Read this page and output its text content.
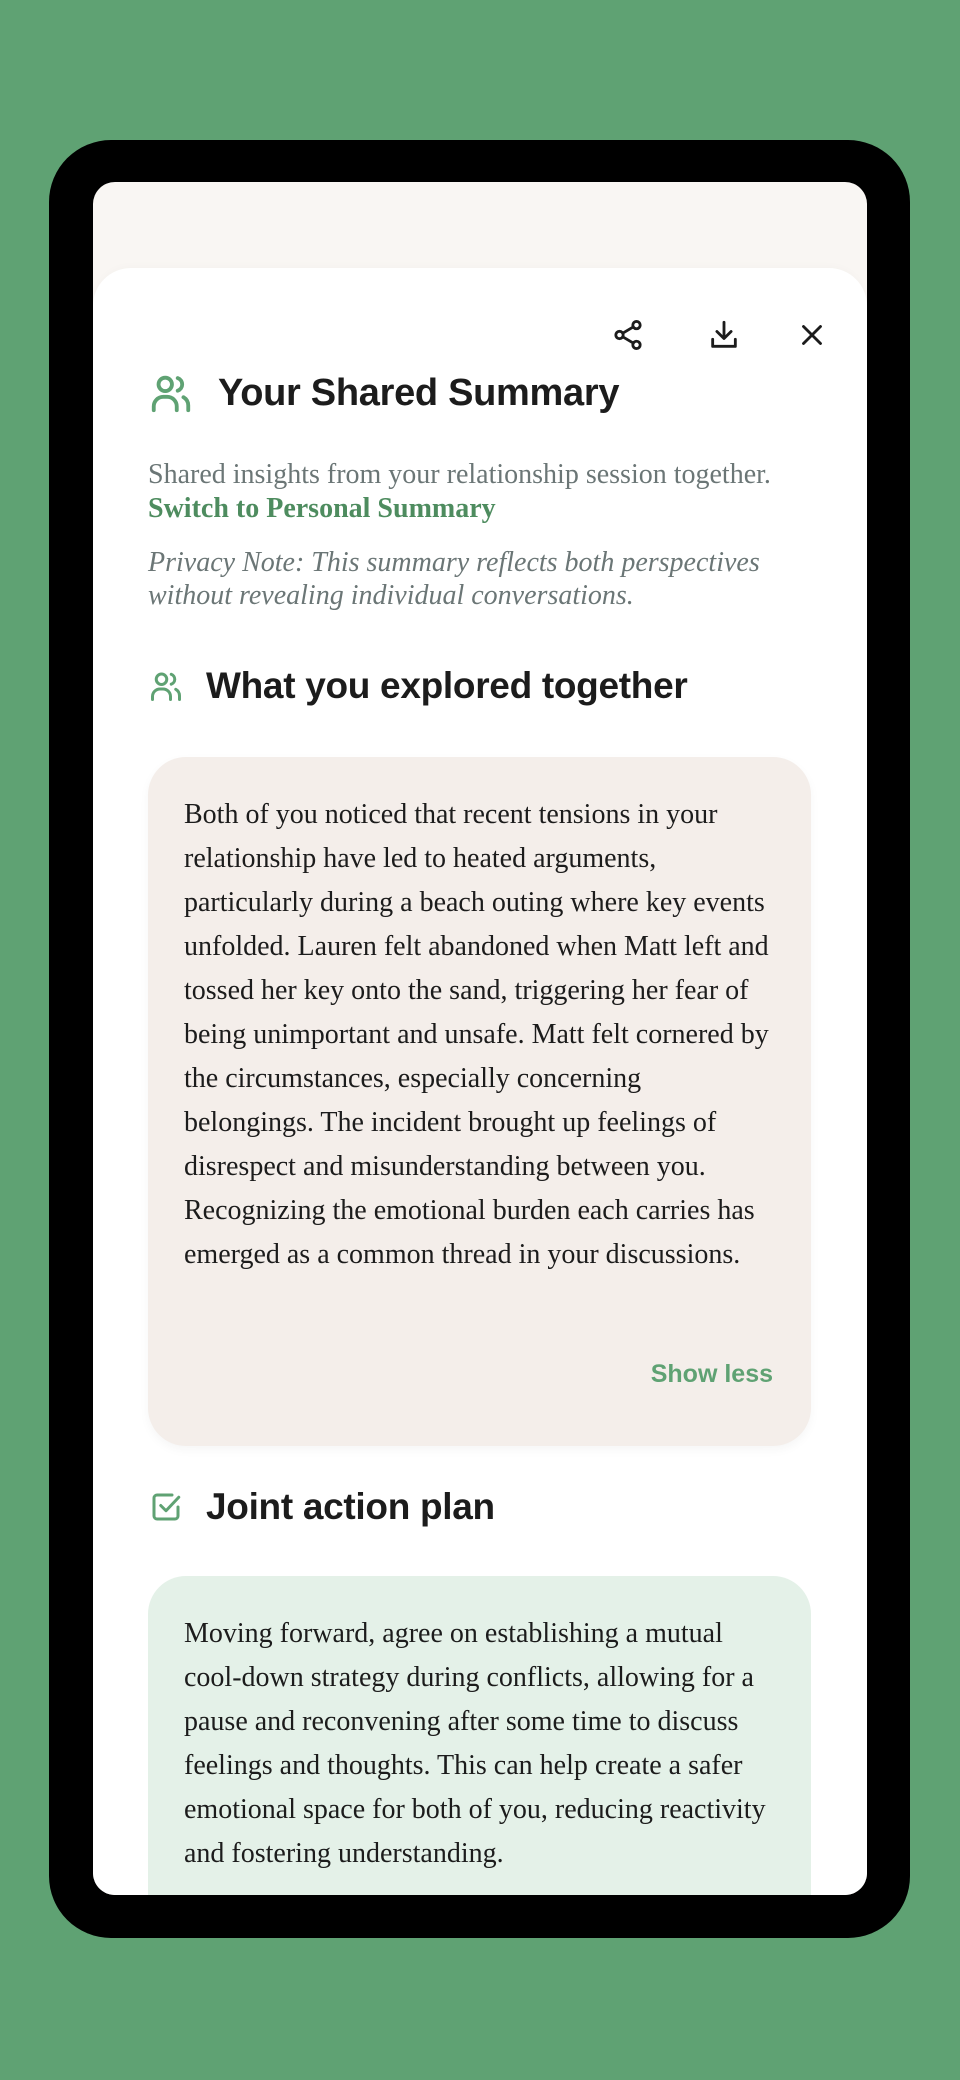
Your Shared Summary
Shared insights from your relationship session together.
Switch to Personal Summary

Privacy Note: This summary reflects both perspectives without revealing individual conversations.

What you explored together

Both of you noticed that recent tensions in your relationship have led to heated arguments, particularly during a beach outing where key events unfolded. Lauren felt abandoned when Matt left and tossed her key onto the sand, triggering her fear of being unimportant and unsafe. Matt felt cornered by the circumstances, especially concerning belongings. The incident brought up feelings of disrespect and misunderstanding between you. Recognizing the emotional burden each carries has emerged as a common thread in your discussions.

Show less
Joint action plan

Moving forward, agree on establishing a mutual cool-down strategy during conflicts, allowing for a pause and reconvening after some time to discuss feelings and thoughts. This can help create a safer emotional space for both of you, reducing reactivity and fostering understanding.
